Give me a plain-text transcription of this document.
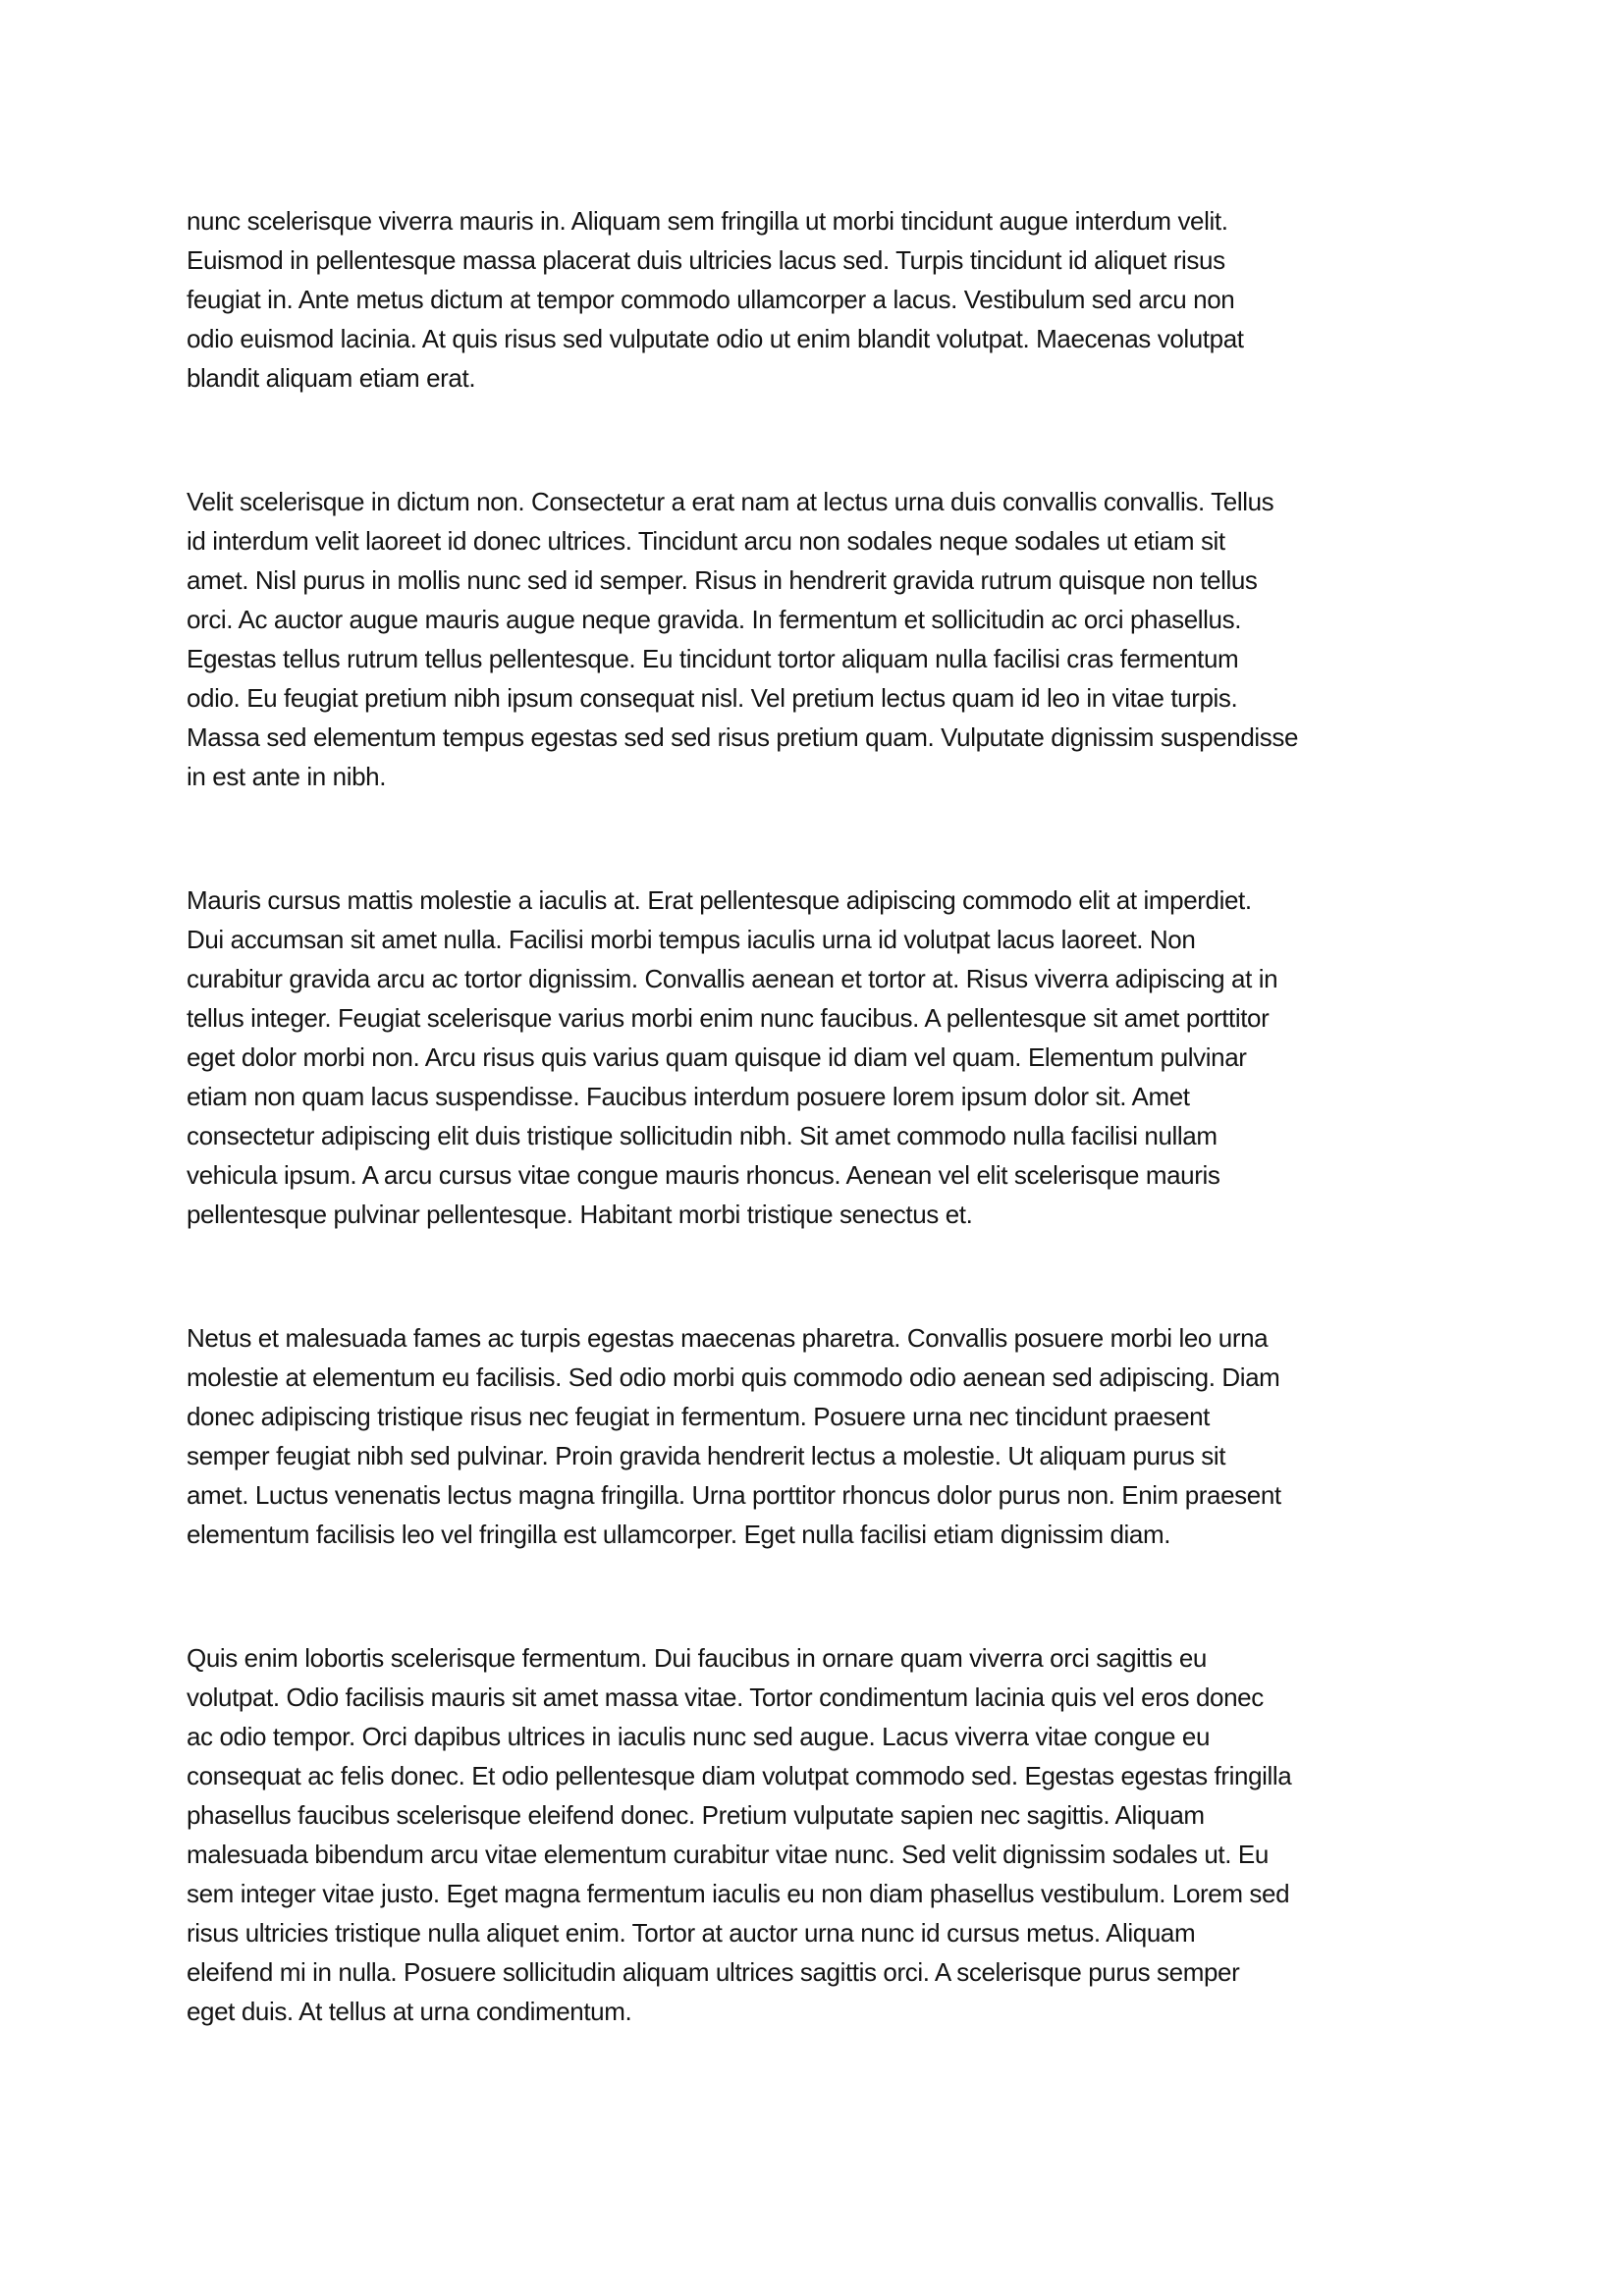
nunc scelerisque viverra mauris in. Aliquam sem fringilla ut morbi tincidunt augue interdum velit.
Euismod in pellentesque massa placerat duis ultricies lacus sed. Turpis tincidunt id aliquet risus
feugiat in. Ante metus dictum at tempor commodo ullamcorper a lacus. Vestibulum sed arcu non
odio euismod lacinia. At quis risus sed vulputate odio ut enim blandit volutpat. Maecenas volutpat
blandit aliquam etiam erat.
Velit scelerisque in dictum non. Consectetur a erat nam at lectus urna duis convallis convallis. Tellus
id interdum velit laoreet id donec ultrices. Tincidunt arcu non sodales neque sodales ut etiam sit
amet. Nisl purus in mollis nunc sed id semper. Risus in hendrerit gravida rutrum quisque non tellus
orci. Ac auctor augue mauris augue neque gravida. In fermentum et sollicitudin ac orci phasellus.
Egestas tellus rutrum tellus pellentesque. Eu tincidunt tortor aliquam nulla facilisi cras fermentum
odio. Eu feugiat pretium nibh ipsum consequat nisl. Vel pretium lectus quam id leo in vitae turpis.
Massa sed elementum tempus egestas sed sed risus pretium quam. Vulputate dignissim suspendisse
in est ante in nibh.
Mauris cursus mattis molestie a iaculis at. Erat pellentesque adipiscing commodo elit at imperdiet.
Dui accumsan sit amet nulla. Facilisi morbi tempus iaculis urna id volutpat lacus laoreet. Non
curabitur gravida arcu ac tortor dignissim. Convallis aenean et tortor at. Risus viverra adipiscing at in
tellus integer. Feugiat scelerisque varius morbi enim nunc faucibus. A pellentesque sit amet porttitor
eget dolor morbi non. Arcu risus quis varius quam quisque id diam vel quam. Elementum pulvinar
etiam non quam lacus suspendisse. Faucibus interdum posuere lorem ipsum dolor sit. Amet
consectetur adipiscing elit duis tristique sollicitudin nibh. Sit amet commodo nulla facilisi nullam
vehicula ipsum. A arcu cursus vitae congue mauris rhoncus. Aenean vel elit scelerisque mauris
pellentesque pulvinar pellentesque. Habitant morbi tristique senectus et.
Netus et malesuada fames ac turpis egestas maecenas pharetra. Convallis posuere morbi leo urna
molestie at elementum eu facilisis. Sed odio morbi quis commodo odio aenean sed adipiscing. Diam
donec adipiscing tristique risus nec feugiat in fermentum. Posuere urna nec tincidunt praesent
semper feugiat nibh sed pulvinar. Proin gravida hendrerit lectus a molestie. Ut aliquam purus sit
amet. Luctus venenatis lectus magna fringilla. Urna porttitor rhoncus dolor purus non. Enim praesent
elementum facilisis leo vel fringilla est ullamcorper. Eget nulla facilisi etiam dignissim diam.
Quis enim lobortis scelerisque fermentum. Dui faucibus in ornare quam viverra orci sagittis eu
volutpat. Odio facilisis mauris sit amet massa vitae. Tortor condimentum lacinia quis vel eros donec
ac odio tempor. Orci dapibus ultrices in iaculis nunc sed augue. Lacus viverra vitae congue eu
consequat ac felis donec. Et odio pellentesque diam volutpat commodo sed. Egestas egestas fringilla
phasellus faucibus scelerisque eleifend donec. Pretium vulputate sapien nec sagittis. Aliquam
malesuada bibendum arcu vitae elementum curabitur vitae nunc. Sed velit dignissim sodales ut. Eu
sem integer vitae justo. Eget magna fermentum iaculis eu non diam phasellus vestibulum. Lorem sed
risus ultricies tristique nulla aliquet enim. Tortor at auctor urna nunc id cursus metus. Aliquam
eleifend mi in nulla. Posuere sollicitudin aliquam ultrices sagittis orci. A scelerisque purus semper
eget duis. At tellus at urna condimentum.
